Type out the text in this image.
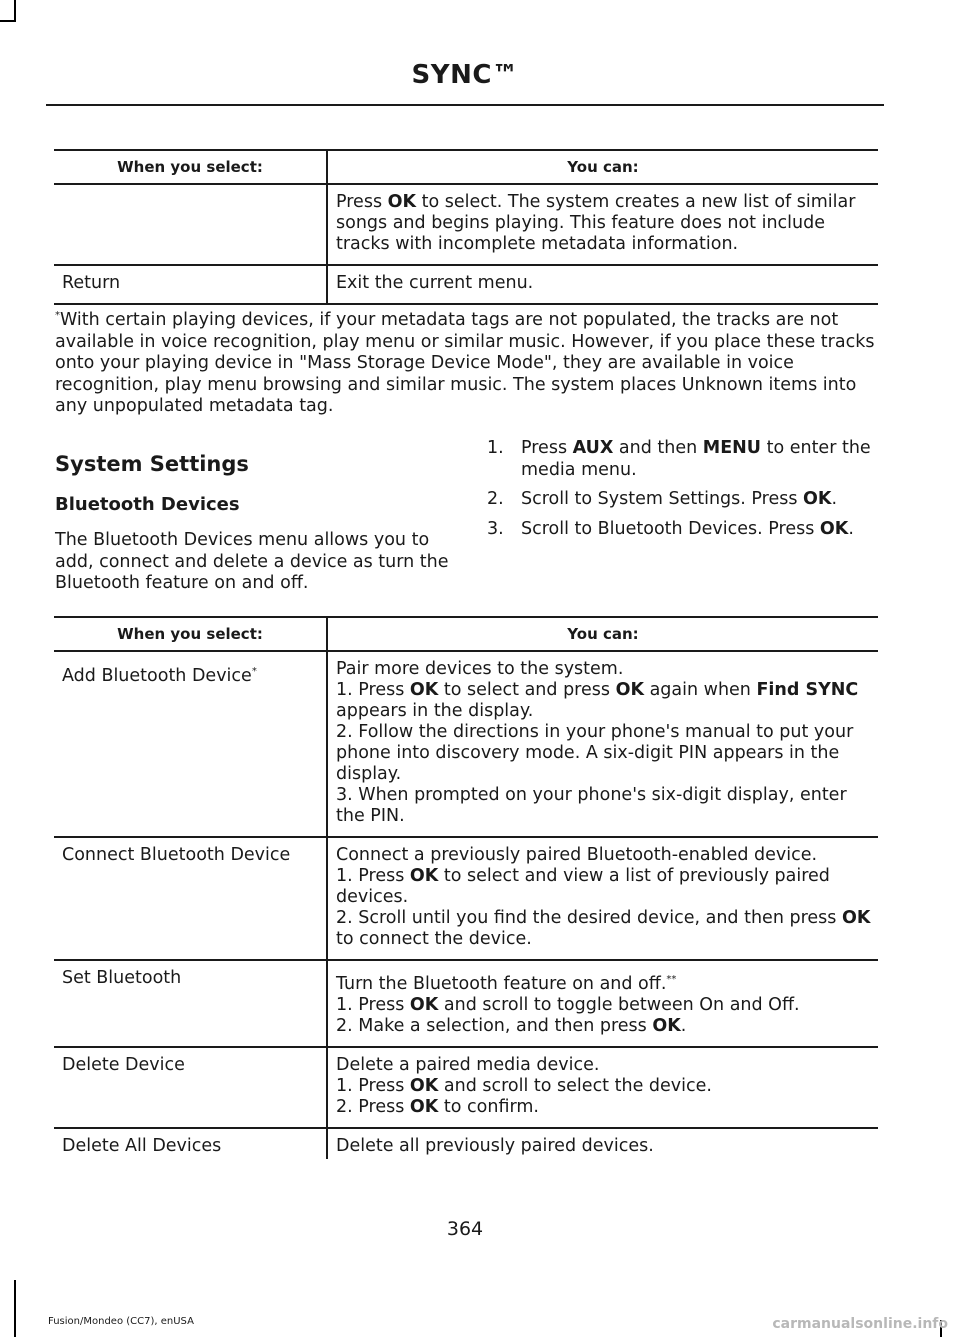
SYNC™
When you select:	You can:
	Press OK to select. The system creates a new list of similar songs and begins playing. This feature does not include tracks with incomplete metadata information.
Return	Exit the current menu.
*With certain playing devices, if your metadata tags are not populated, the tracks are not available in voice recognition, play menu or similar music. However, if you place these tracks onto your playing device in "Mass Storage Device Mode", they are available in voice recognition, play menu browsing and similar music. The system places Unknown items into any unpopulated metadata tag.
System Settings
Bluetooth Devices
The Bluetooth Devices menu allows you to add, connect and delete a device as turn the Bluetooth feature on and off.
1. Press AUX and then MENU to enter the media menu.
2. Scroll to System Settings. Press OK.
3. Scroll to Bluetooth Devices. Press OK.
When you select:	You can:
Add Bluetooth Device*	Pair more devices to the system.
1. Press OK to select and press OK again when Find SYNC appears in the display.
2. Follow the directions in your phone's manual to put your phone into discovery mode. A six-digit PIN appears in the display.
3. When prompted on your phone's six-digit display, enter the PIN.

Connect Bluetooth Device	Connect a previously paired Bluetooth-enabled device.
1. Press OK to select and view a list of previously paired devices.
2. Scroll until you find the desired device, and then press OK to connect the device.

Set Bluetooth	Turn the Bluetooth feature on and off.**
1. Press OK and scroll to toggle between On and Off.
2. Make a selection, and then press OK.

Delete Device	Delete a paired media device.
1. Press OK and scroll to select the device.
2. Press OK to confirm.

Delete All Devices	Delete all previously paired devices.
364
Fusion/Mondeo (CC7), enUSA	carmanualsonline.info
